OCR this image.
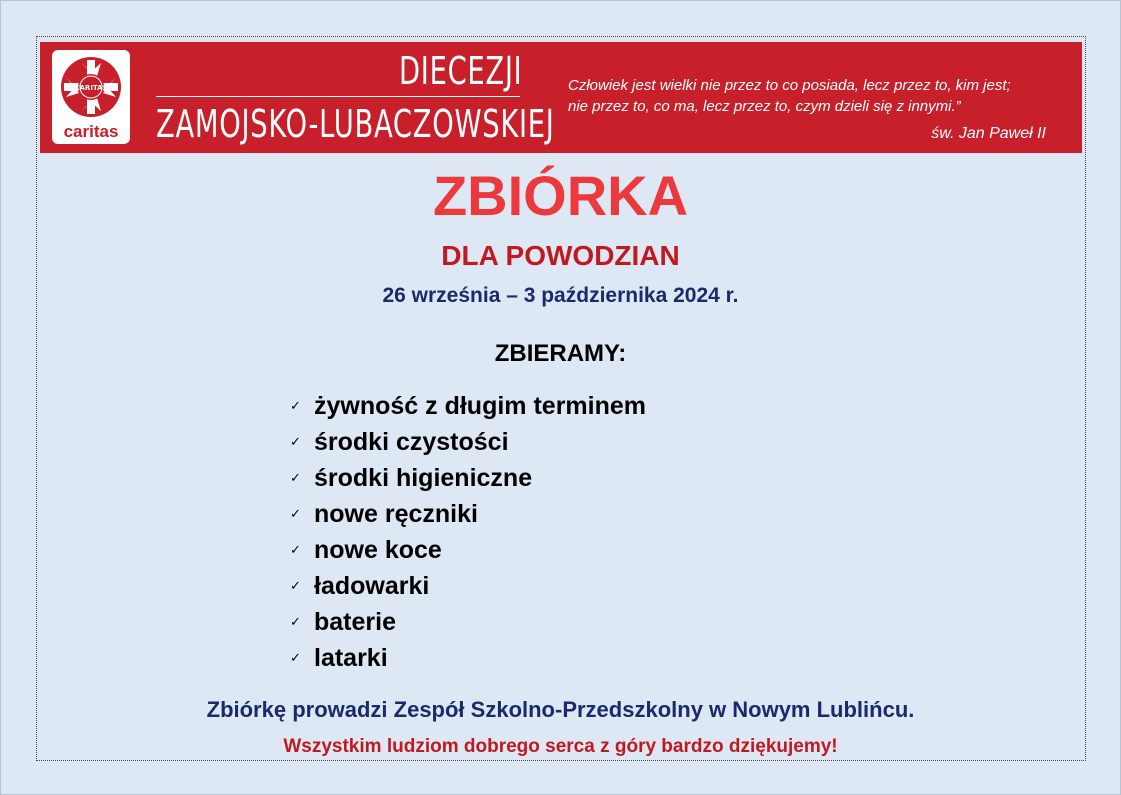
CARITAS
caritas
DIECEZJI
ZAMOJSKO-LUBACZOWSKIEJ
Człowiek jest wielki nie przez to co posiada, lecz przez to, kim jest;
nie przez to, co ma, lecz przez to, czym dzieli się z innymi.”
św. Jan Paweł II
ZBIÓRKA
DLA POWODZIAN
26 września – 3 października 2024 r.
ZBIERAMY:
✓ żywność z długim terminem
✓ środki czystości
✓ środki higieniczne
✓ nowe ręczniki
✓ nowe koce
✓ ładowarki
✓ baterie
✓ latarki
Zbiórkę prowadzi Zespół Szkolno-Przedszkolny w Nowym Lublińcu.
Wszystkim ludziom dobrego serca z góry bardzo dziękujemy!
